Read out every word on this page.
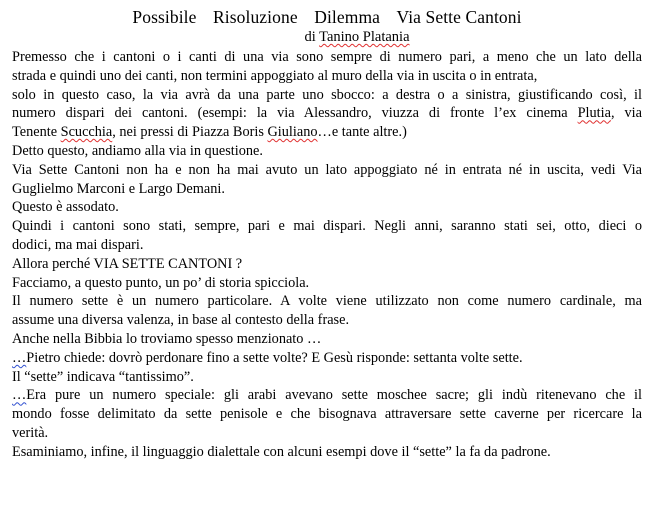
Possibile Risoluzione Dilemma Via Sette Cantoni

di Tanino Platania

Premesso che i cantoni o i canti di una via sono sempre di numero pari, a meno che un lato della

strada e quindi uno dei canti, non termini appoggiato al muro della via in uscita o in entrata,

solo in questo caso, la via avrà da una parte uno sbocco: a destra o a sinistra, giustificando così, il

numero dispari dei cantoni. (esempi: la via Alessandro, viuzza di fronte l’ex cinema Plutia, via

Tenente Scucchia, nei pressi di Piazza Boris Giuliano…e tante altre.)

Detto questo, andiamo alla via in questione.

Via Sette Cantoni non ha e non ha mai avuto un lato appoggiato né in entrata né in uscita, vedi Via

Guglielmo Marconi e Largo Demani.

Questo è assodato.

Quindi i cantoni sono stati, sempre, pari e mai dispari. Negli anni, saranno stati sei, otto, dieci o

dodici, ma mai dispari.

Allora perché VIA SETTE CANTONI ?

Facciamo, a questo punto, un po’ di storia spicciola.

Il numero sette è un numero particolare. A volte viene utilizzato non come numero cardinale, ma

assume una diversa valenza, in base al contesto della frase.

Anche nella Bibbia lo troviamo spesso menzionato …

…Pietro chiede: dovrò perdonare fino a sette volte? E Gesù risponde: settanta volte sette.

Il “sette” indicava “tantissimo”.

…Era pure un numero speciale: gli arabi avevano sette moschee sacre; gli indù ritenevano che il

mondo fosse delimitato da sette penisole e che bisognava attraversare sette caverne per ricercare la

verità.

Esaminiamo, infine, il linguaggio dialettale con alcuni esempi dove il “sette” la fa da padrone.
